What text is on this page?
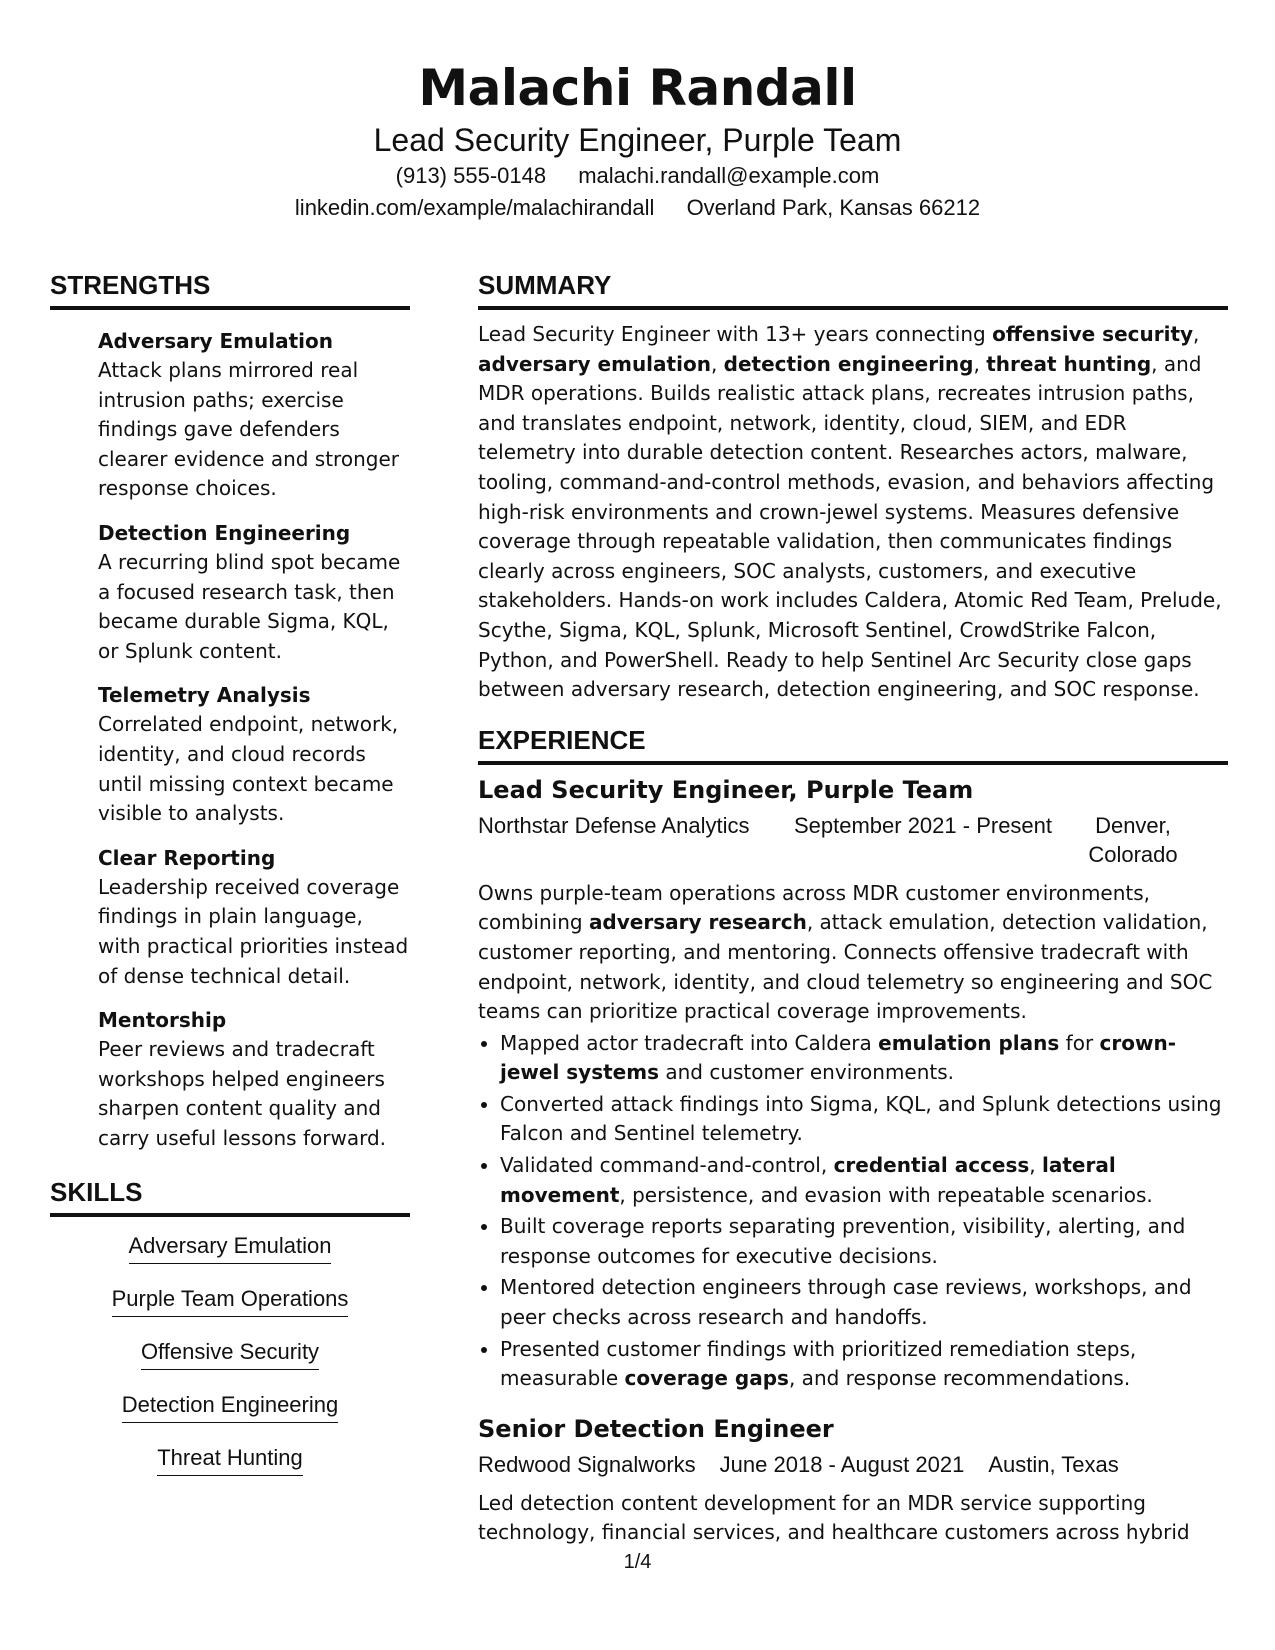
Malachi Randall
Lead Security Engineer, Purple Team
(913) 555-0148 malachi.randall@example.com
linkedin.com/example/malachirandall Overland Park, Kansas 66212
STRENGTHS
Adversary Emulation
Attack plans mirrored real intrusion paths; exercise findings gave defenders clearer evidence and stronger response choices.
Detection Engineering
A recurring blind spot became a focused research task, then became durable Sigma, KQL, or Splunk content.
Telemetry Analysis
Correlated endpoint, network, identity, and cloud records until missing context became visible to analysts.
Clear Reporting
Leadership received coverage findings in plain language, with practical priorities instead of dense technical detail.
Mentorship
Peer reviews and tradecraft workshops helped engineers sharpen content quality and carry useful lessons forward.
SKILLS
Adversary Emulation
Purple Team Operations
Offensive Security
Detection Engineering
Threat Hunting
SUMMARY

Lead Security Engineer with 13+ years connecting offensive security, adversary emulation, detection engineering, threat hunting, and MDR operations. Builds realistic attack plans, recreates intrusion paths, and translates endpoint, network, identity, cloud, SIEM, and EDR telemetry into durable detection content. Researches actors, malware, tooling, command-and-control methods, evasion, and behaviors affecting high-risk environments and crown-jewel systems. Measures defensive coverage through repeatable validation, then communicates findings clearly across engineers, SOC analysts, customers, and executive stakeholders. Hands-on work includes Caldera, Atomic Red Team, Prelude, Scythe, Sigma, KQL, Splunk, Microsoft Sentinel, CrowdStrike Falcon, Python, and PowerShell. Ready to help Sentinel Arc Security close gaps between adversary research, detection engineering, and SOC response.

EXPERIENCE
Lead Security Engineer, Purple Team
Northstar Defense Analytics	September 2021 - Present	Denver, Colorado

Owns purple-team operations across MDR customer environments, combining adversary research, attack emulation, detection validation, customer reporting, and mentoring. Connects offensive tradecraft with endpoint, network, identity, and cloud telemetry so engineering and SOC teams can prioritize practical coverage improvements.

• Mapped actor tradecraft into Caldera emulation plans for crown-jewel systems and customer environments.
• Converted attack findings into Sigma, KQL, and Splunk detections using Falcon and Sentinel telemetry.
• Validated command-and-control, credential access, lateral movement, persistence, and evasion with repeatable scenarios.
• Built coverage reports separating prevention, visibility, alerting, and response outcomes for executive decisions.
• Mentored detection engineers through case reviews, workshops, and peer checks across research and handoffs.
• Presented customer findings with prioritized remediation steps, measurable coverage gaps, and response recommendations.
Senior Detection Engineer
Redwood Signalworks June 2018 - August 2021 Austin, Texas

Led detection content development for an MDR service supporting technology, financial services, and healthcare customers across hybrid

1/4
